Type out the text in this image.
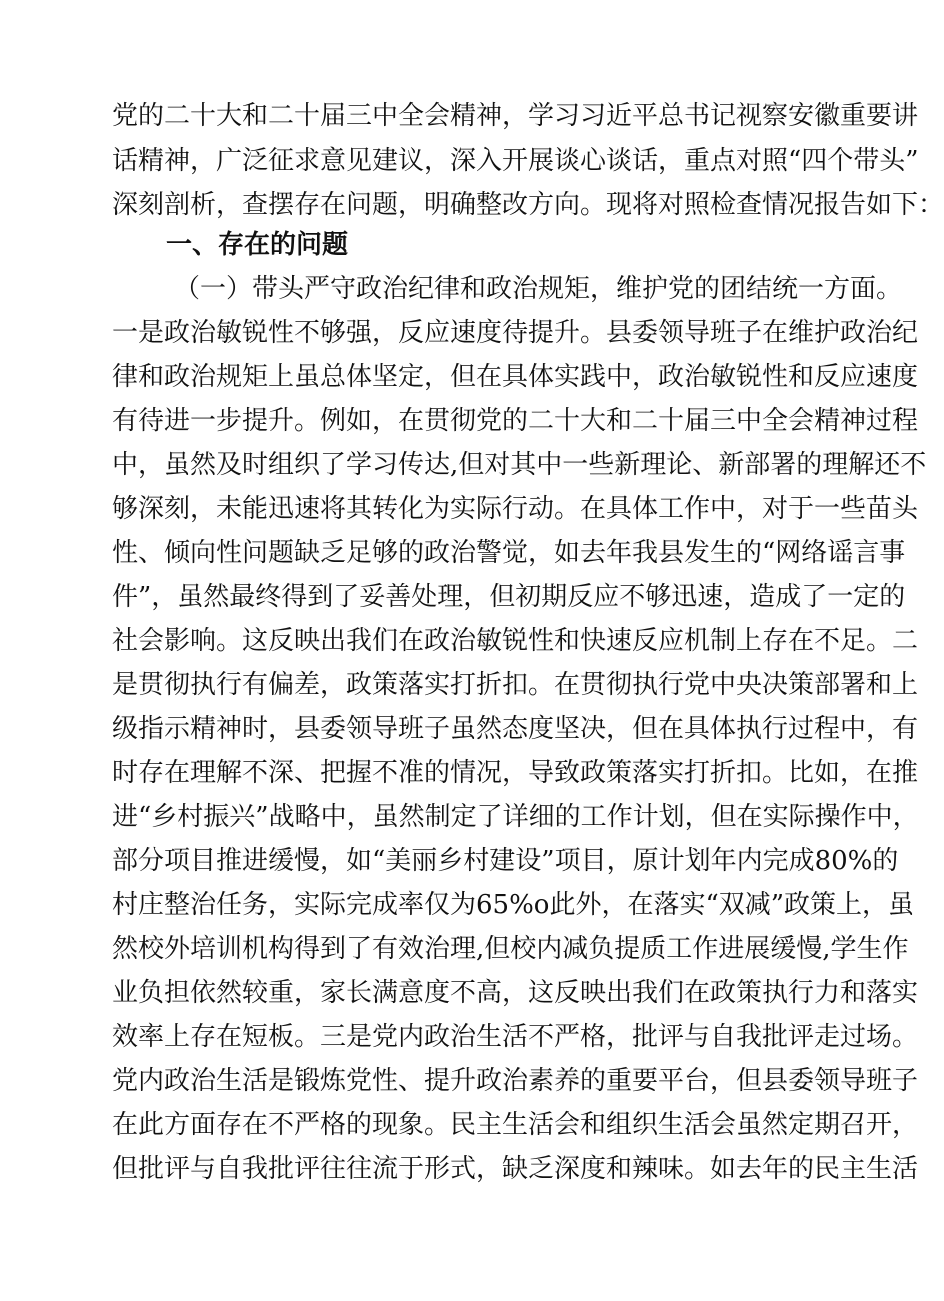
党的二十大和二十届三中全会精神，学习习近平总书记视察安徽重要讲
话精神，广泛征求意见建议，深入开展谈心谈话，重点对照“四个带头”
深刻剖析，查摆存在问题，明确整改方向。现将对照检查情况报告如下：
一、存在的问题
（一）带头严守政治纪律和政治规矩，维护党的团结统一方面。
一是政治敏锐性不够强，反应速度待提升。县委领导班子在维护政治纪
律和政治规矩上虽总体坚定，但在具体实践中，政治敏锐性和反应速度
有待进一步提升。例如，在贯彻党的二十大和二十届三中全会精神过程
中，虽然及时组织了学习传达,但对其中一些新理论、新部署的理解还不
够深刻，未能迅速将其转化为实际行动。在具体工作中，对于一些苗头
性、倾向性问题缺乏足够的政治警觉，如去年我县发生的“网络谣言事
件”，虽然最终得到了妥善处理，但初期反应不够迅速，造成了一定的
社会影响。这反映出我们在政治敏锐性和快速反应机制上存在不足。二
是贯彻执行有偏差，政策落实打折扣。在贯彻执行党中央决策部署和上
级指示精神时，县委领导班子虽然态度坚决，但在具体执行过程中，有
时存在理解不深、把握不准的情况，导致政策落实打折扣。比如，在推
进“乡村振兴”战略中，虽然制定了详细的工作计划，但在实际操作中，
部分项目推进缓慢，如“美丽乡村建设”项目，原计划年内完成80%的
村庄整治任务，实际完成率仅为65%o此外，在落实“双减”政策上，虽
然校外培训机构得到了有效治理,但校内减负提质工作进展缓慢,学生作
业负担依然较重，家长满意度不高，这反映出我们在政策执行力和落实
效率上存在短板。三是党内政治生活不严格，批评与自我批评走过场。
党内政治生活是锻炼党性、提升政治素养的重要平台，但县委领导班子
在此方面存在不严格的现象。民主生活会和组织生活会虽然定期召开，
但批评与自我批评往往流于形式，缺乏深度和辣味。如去年的民主生活
